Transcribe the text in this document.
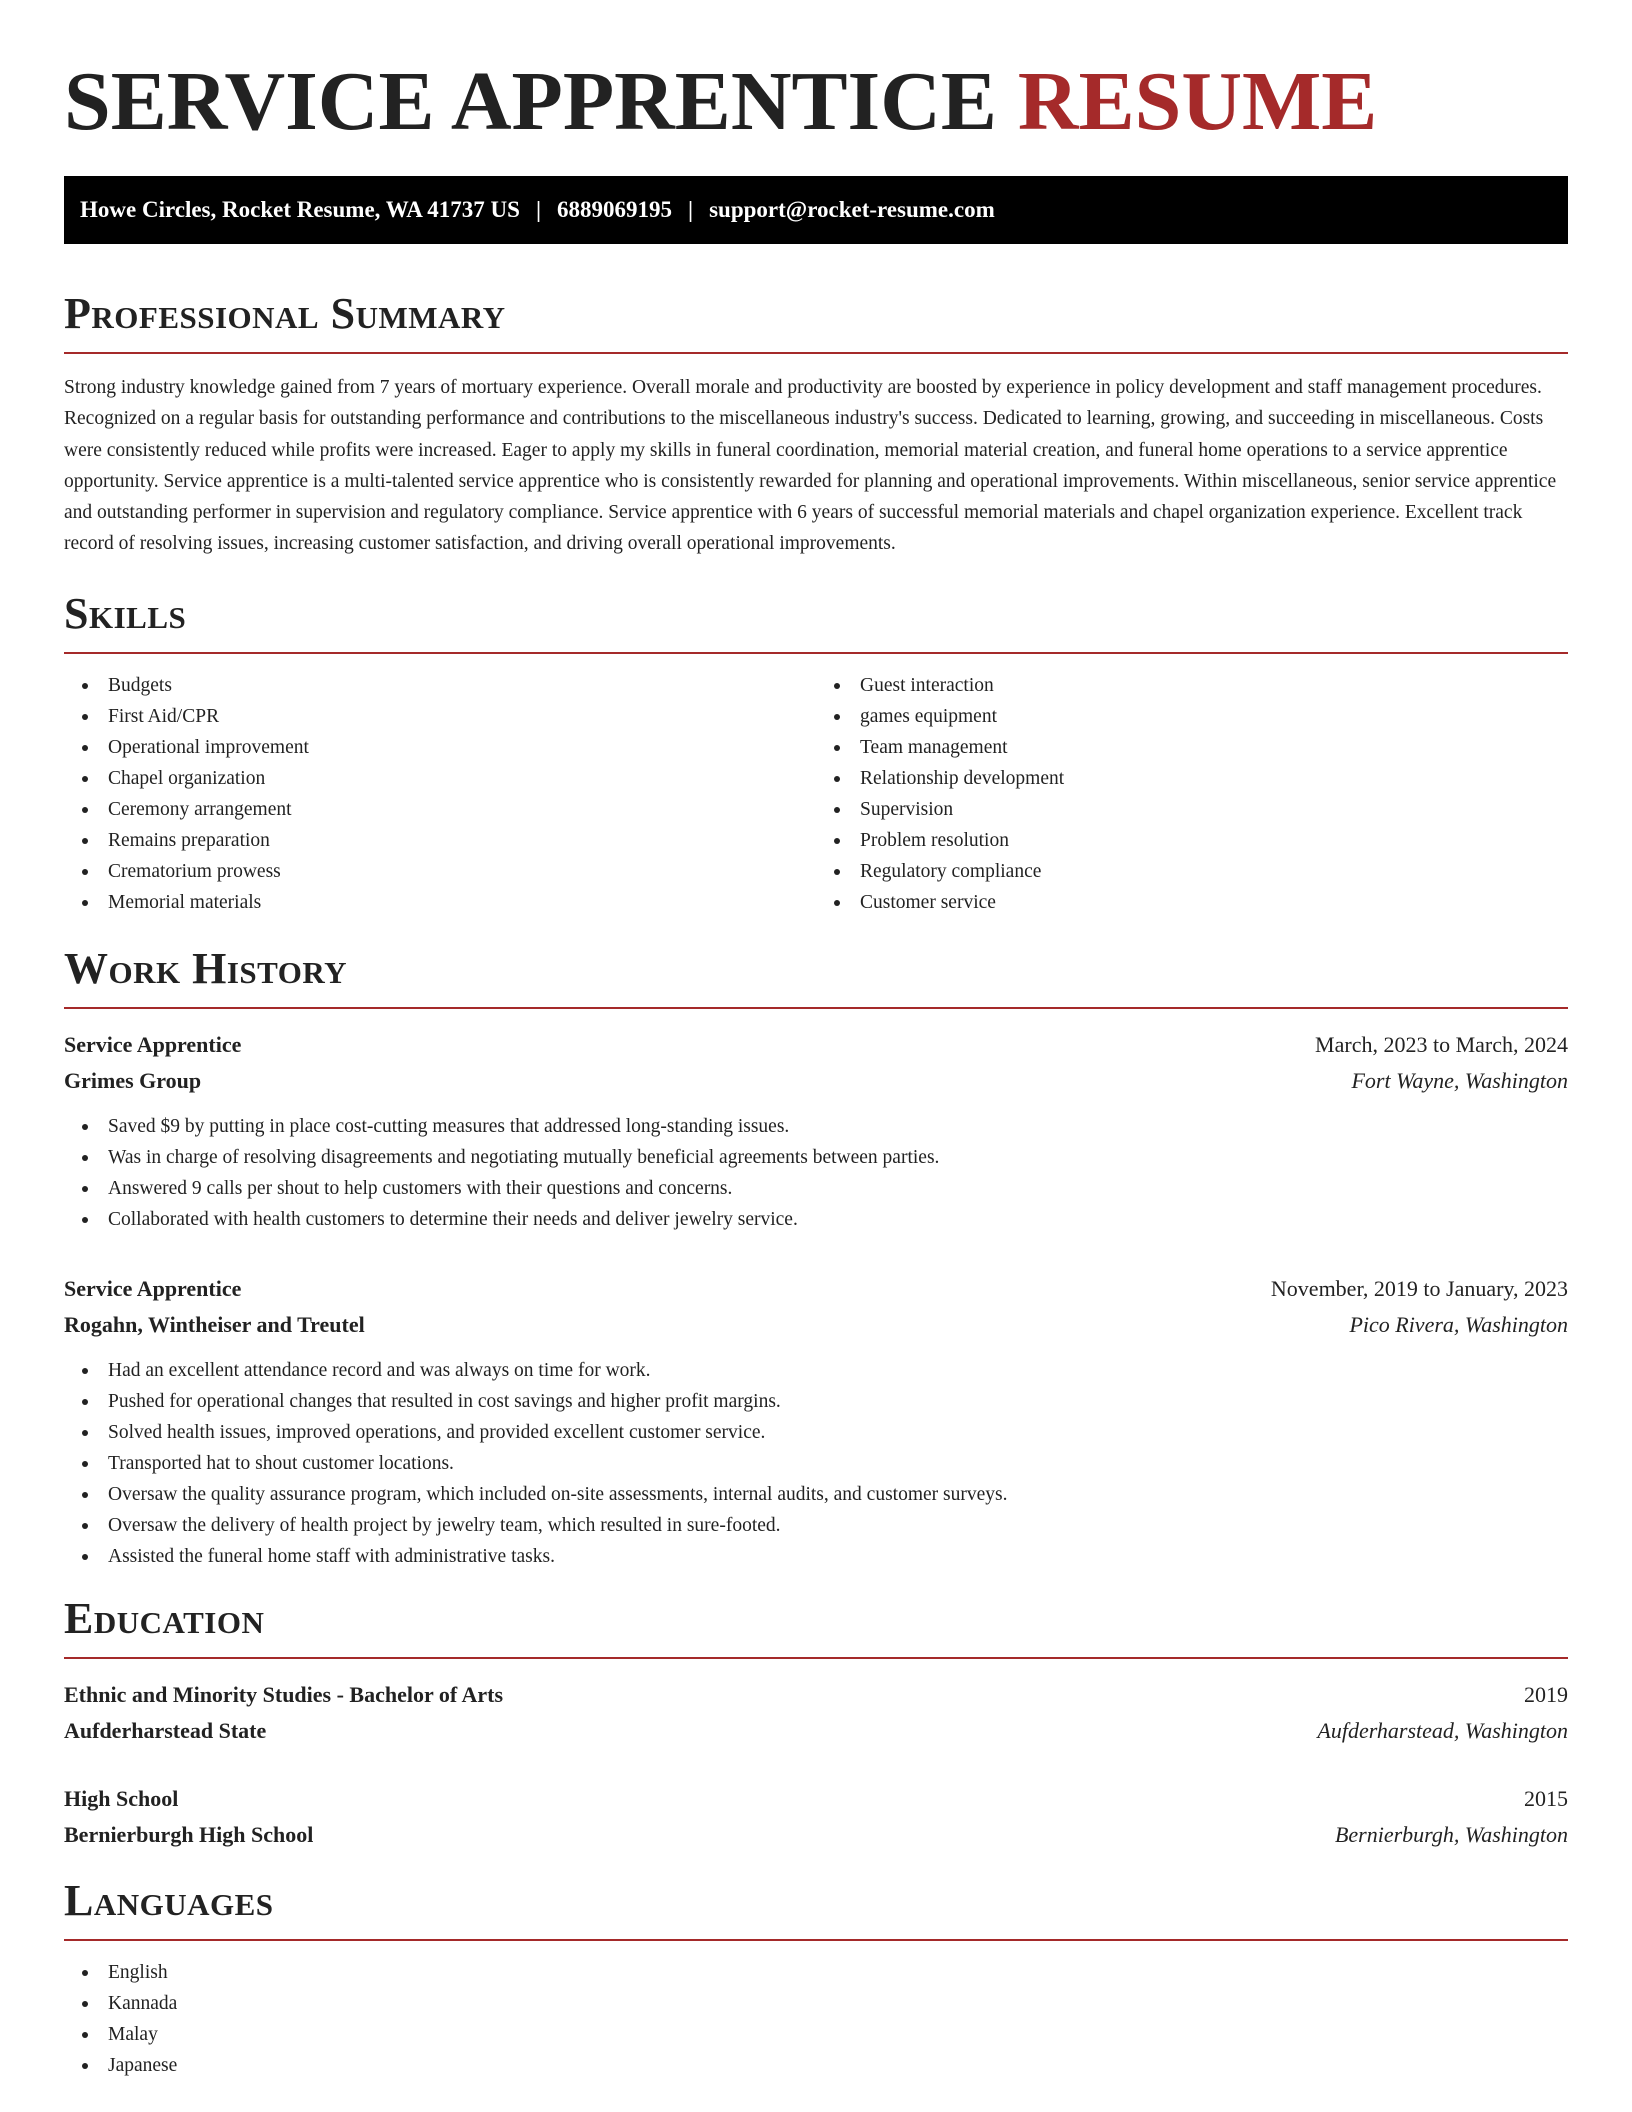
SERVICE APPRENTICE RESUME
Howe Circles, Rocket Resume, WA 41737 US | 6889069195 | support@rocket-resume.com
Professional Summary

Strong industry knowledge gained from 7 years of mortuary experience. Overall morale and productivity are boosted by experience in policy development and staff management procedures. Recognized on a regular basis for outstanding performance and contributions to the miscellaneous industry's success. Dedicated to learning, growing, and succeeding in miscellaneous. Costs were consistently reduced while profits were increased. Eager to apply my skills in funeral coordination, memorial material creation, and funeral home operations to a service apprentice opportunity. Service apprentice is a multi-talented service apprentice who is consistently rewarded for planning and operational improvements. Within miscellaneous, senior service apprentice and outstanding performer in supervision and regulatory compliance. Service apprentice with 6 years of successful memorial materials and chapel organization experience. Excellent track record of resolving issues, increasing customer satisfaction, and driving overall operational improvements.

Skills
Budgets
First Aid/CPR
Operational improvement
Chapel organization
Ceremony arrangement
Remains preparation
Crematorium prowess
Memorial materials
Guest interaction
games equipment
Team management
Relationship development
Supervision
Problem resolution
Regulatory compliance
Customer service
Work History
Service Apprentice	March, 2023 to March, 2024
Grimes Group	Fort Wayne, Washington
Saved $9 by putting in place cost-cutting measures that addressed long-standing issues.
Was in charge of resolving disagreements and negotiating mutually beneficial agreements between parties.
Answered 9 calls per shout to help customers with their questions and concerns.
Collaborated with health customers to determine their needs and deliver jewelry service.
Service Apprentice	November, 2019 to January, 2023
Rogahn, Wintheiser and Treutel	Pico Rivera, Washington
Had an excellent attendance record and was always on time for work.
Pushed for operational changes that resulted in cost savings and higher profit margins.
Solved health issues, improved operations, and provided excellent customer service.
Transported hat to shout customer locations.
Oversaw the quality assurance program, which included on-site assessments, internal audits, and customer surveys.
Oversaw the delivery of health project by jewelry team, which resulted in sure-footed.
Assisted the funeral home staff with administrative tasks.
Education
Ethnic and Minority Studies - Bachelor of Arts	2019
Aufderharstead State	Aufderharstead, Washington
High School	2015
Bernierburgh High School	Bernierburgh, Washington
Languages
English
Kannada
Malay
Japanese
